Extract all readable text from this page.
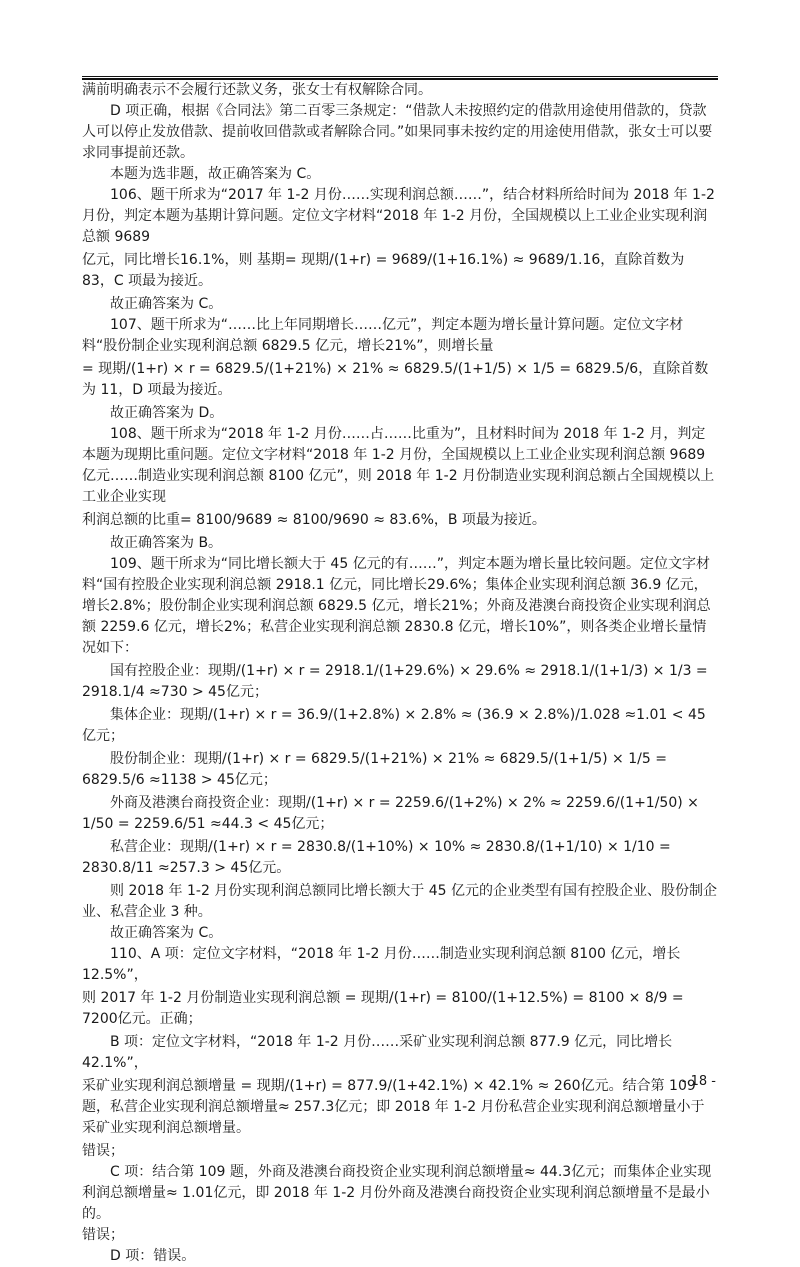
满前明确表示不会履行还款义务，张女士有权解除合同。

D 项正确，根据《合同法》第二百零三条规定：“借款人未按照约定的借款用途使用借款的，贷款人可以停止发放借款、提前收回借款或者解除合同。”如果同事未按约定的用途使用借款，张女士可以要求同事提前还款。

本题为选非题，故正确答案为 C。

106、题干所求为“2017 年 1-2 月份……实现利润总额……”，结合材料所给时间为 2018 年 1-2 月份，判定本题为基期计算问题。定位文字材料“2018 年 1-2 月份，全国规模以上工业企业实现利润总额 9689

亿元，同比增长16.1%，则 基期= 现期/(1+r) = 9689/(1+16.1%) ≈ 9689/1.16，直除首数为 83，C 项最为接近。

故正确答案为 C。

107、题干所求为“……比上年同期增长……亿元”，判定本题为增长量计算问题。定位文字材料“股份制企业实现利润总额 6829.5 亿元，增长21%”，则增长量

= 现期/(1+r) × r = 6829.5/(1+21%) × 21% ≈ 6829.5/(1+1/5) × 1/5 = 6829.5/6，直除首数为 11，D 项最为接近。

故正确答案为 D。

108、题干所求为“2018 年 1-2 月份……占……比重为”，且材料时间为 2018 年 1-2 月，判定本题为现期比重问题。定位文字材料“2018 年 1-2 月份，全国规模以上工业企业实现利润总额 9689 亿元……制造业实现利润总额 8100 亿元”，则 2018 年 1-2 月份制造业实现利润总额占全国规模以上工业企业实现

利润总额的比重= 8100/9689 ≈ 8100/9690 ≈ 83.6%，B 项最为接近。

故正确答案为 B。

109、题干所求为“同比增长额大于 45 亿元的有……”，判定本题为增长量比较问题。定位文字材料“国有控股企业实现利润总额 2918.1 亿元，同比增长29.6%；集体企业实现利润总额 36.9 亿元，增长2.8%；股份制企业实现利润总额 6829.5 亿元，增长21%；外商及港澳台商投资企业实现利润总额 2259.6 亿元，增长2%；私营企业实现利润总额 2830.8 亿元，增长10%”，则各类企业增长量情况如下：

国有控股企业：现期/(1+r) × r = 2918.1/(1+29.6%) × 29.6% ≈ 2918.1/(1+1/3) × 1/3 = 2918.1/4 ≈730 > 45亿元；

集体企业：现期/(1+r) × r = 36.9/(1+2.8%) × 2.8% ≈ (36.9 × 2.8%)/1.028 ≈1.01 < 45亿元；

股份制企业：现期/(1+r) × r = 6829.5/(1+21%) × 21% ≈ 6829.5/(1+1/5) × 1/5 = 6829.5/6 ≈1138 > 45亿元；

外商及港澳台商投资企业：现期/(1+r) × r = 2259.6/(1+2%) × 2% ≈ 2259.6/(1+1/50) × 1/50 = 2259.6/51 ≈44.3 < 45亿元；

私营企业：现期/(1+r) × r = 2830.8/(1+10%) × 10% ≈ 2830.8/(1+1/10) × 1/10 = 2830.8/11 ≈257.3 > 45亿元。

则 2018 年 1-2 月份实现利润总额同比增长额大于 45 亿元的企业类型有国有控股企业、股份制企业、私营企业 3 种。

故正确答案为 C。

110、A 项：定位文字材料，“2018 年 1-2 月份……制造业实现利润总额 8100 亿元，增长12.5%”，

则 2017 年 1-2 月份制造业实现利润总额 = 现期/(1+r) = 8100/(1+12.5%) = 8100 × 8/9 = 7200亿元。正确；

B 项：定位文字材料，“2018 年 1-2 月份……采矿业实现利润总额 877.9 亿元，同比增长42.1%”，

采矿业实现利润总额增量 = 现期/(1+r) = 877.9/(1+42.1%) × 42.1% ≈ 260亿元。结合第 109 题，私营企业实现利润总额增量≈ 257.3亿元；即 2018 年 1-2 月份私营企业实现利润总额增量小于采矿业实现利润总额增量。

错误；

C 项：结合第 109 题，外商及港澳台商投资企业实现利润总额增量≈ 44.3亿元；而集体企业实现利润总额增量≈ 1.01亿元，即 2018 年 1-2 月份外商及港澳台商投资企业实现利润总额增量不是最小的。

错误；

D 项：错误。

- 18 -
